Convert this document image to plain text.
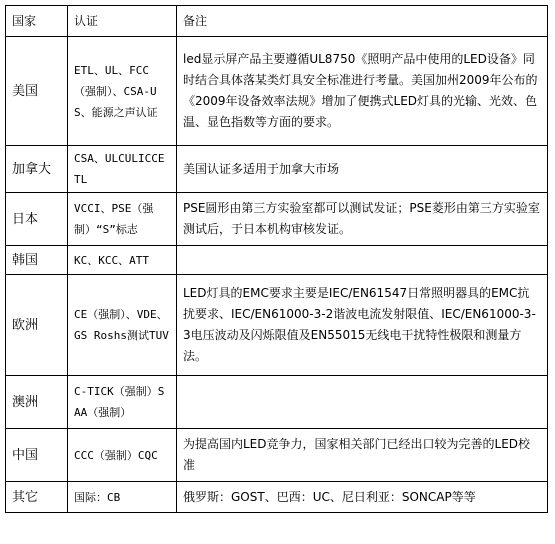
国家	认证	备注
美国	ETL、UL、FCC（强制）、CSA-US、能源之声认证	led显示屏产品主要遵循UL8750《照明产品中使用的LED设备》同时结合具体落某类灯具安全标准进行考量。美国加州2009年公布的《2009年设备效率法规》增加了便携式LED灯具的光输、光效、色温、显色指数等方面的要求。
加拿大	CSA、ULCULICCETL	美国认证多适用于加拿大市场
日本	VCCI、PSE（强制）“S”标志	PSE圆形由第三方实验室都可以测试发证；PSE菱形由第三方实验室测试后，于日本机构审核发证。
韩国	KC、KCC、ATT	
欧洲	CE（强制）、VDE、GS Roshs测试TUV	LED灯具的EMC要求主要是IEC/EN61547日常照明器具的EMC抗扰要求、IEC/EN61000-3-2谐波电流发射限值、IEC/EN61000-3-3电压波动及闪烁限值及EN55015无线电干扰特性极限和测量方法。
澳洲	C-TICK（强制）SAA（强制）	
中国	CCC（强制）CQC	为提高国内LED竞争力，国家相关部门已经出口较为完善的LED校准
其它	国际：CB	俄罗斯：GOST、巴西：UC、尼日利亚：SONCAP等等
